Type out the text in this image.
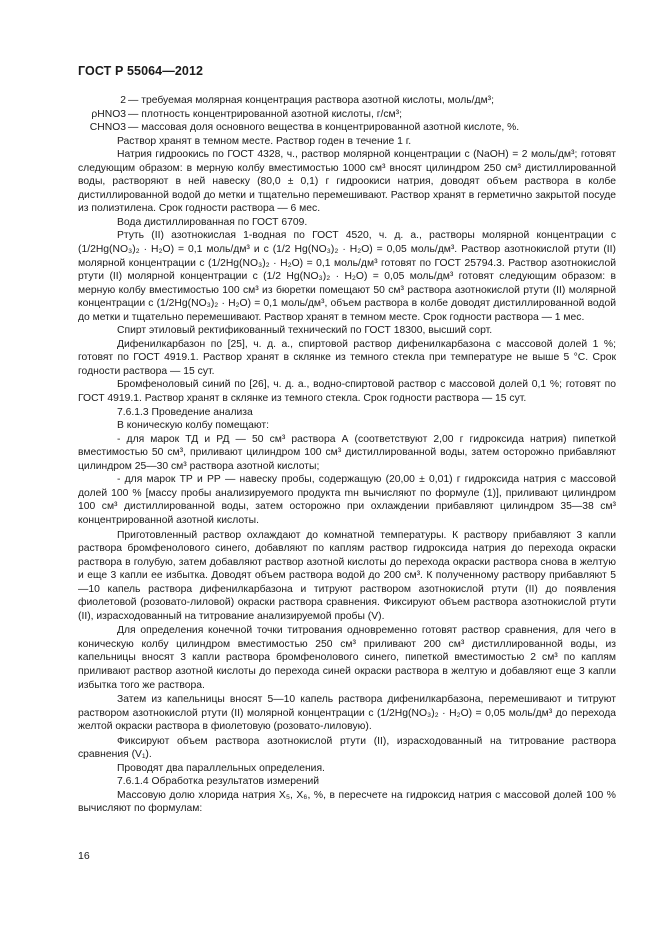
ГОСТ Р 55064—2012
2 — требуемая молярная концентрация раствора азотной кислоты, моль/дм³;
ρHNO3 — плотность концентрированной азотной кислоты, г/см³;
CHNO3 — массовая доля основного вещества в концентрированной азотной кислоте, %.

Раствор хранят в темном месте. Раствор годен в течение 1 г.

Натрия гидроокись по ГОСТ 4328, ч., раствор молярной концентрации c (NaOH) = 2 моль/дм³; готовят следующим образом: в мерную колбу вместимостью 1000 см³ вносят цилиндром 250 см³ дистиллированной воды, растворяют в ней навеску (80,0 ± 0,1) г гидроокиси натрия, доводят объем раствора в колбе дистиллированной водой до метки и тщательно перемешивают. Раствор хранят в герметично закрытой посуде из полиэтилена. Срок годности раствора — 6 мес.

Вода дистиллированная по ГОСТ 6709.

Ртуть (II) азотнокислая 1-водная по ГОСТ 4520, ч. д. а., растворы молярной концентрации c (1/2Hg(NO₃)₂ · H₂O) = 0,1 моль/дм³ и c (1/2 Hg(NO₃)₂ · H₂O) = 0,05 моль/дм³. Раствор азотнокислой ртути (II) молярной концентрации c (1/2Hg(NO₃)₂ · H₂O) = 0,1 моль/дм³ готовят по ГОСТ 25794.3. Раствор азотнокислой ртути (II) молярной концентрации c (1/2 Hg(NO₃)₂ · H₂O) = 0,05 моль/дм³ готовят следующим образом: в мерную колбу вместимостью 100 см³ из бюретки помещают 50 см³ раствора азотнокислой ртути (II) молярной концентрации c (1/2Hg(NO₃)₂ · H₂O) = 0,1 моль/дм³, объем раствора в колбе доводят дистиллированной водой до метки и тщательно перемешивают. Раствор хранят в темном месте. Срок годности раствора — 1 мес.

Спирт этиловый ректификованный технический по ГОСТ 18300, высший сорт.

Дифенилкарбазон по [25], ч. д. а., спиртовой раствор дифенилкарбазона с массовой долей 1 %; готовят по ГОСТ 4919.1. Раствор хранят в склянке из темного стекла при температуре не выше 5 °С. Срок годности раствора — 15 сут.

Бромфеноловый синий по [26], ч. д. а., водно-спиртовой раствор с массовой долей 0,1 %; готовят по ГОСТ 4919.1. Раствор хранят в склянке из темного стекла. Срок годности раствора — 15 сут.

7.6.1.3 Проведение анализа

В коническую колбу помещают:

- для марок ТД и РД — 50 см³ раствора А (соответствуют 2,00 г гидроксида натрия) пипеткой вместимостью 50 см³, приливают цилиндром 100 см³ дистиллированной воды, затем осторожно прибавляют цилиндром 25—30 см³ раствора азотной кислоты;

- для марок ТР и РР — навеску пробы, содержащую (20,00 ± 0,01) г гидроксида натрия с массовой долей 100 % [массу пробы анализируемого продукта mн вычисляют по формуле (1)], приливают цилиндром 100 см³ дистиллированной воды, затем осторожно при охлаждении прибавляют цилиндром 35—38 см³ концентрированной азотной кислоты.

Приготовленный раствор охлаждают до комнатной температуры. К раствору прибавляют 3 капли раствора бромфенолового синего, добавляют по каплям раствор гидроксида натрия до перехода окраски раствора в голубую, затем добавляют раствор азотной кислоты до перехода окраски раствора снова в желтую и еще 3 капли ее избытка. Доводят объем раствора водой до 200 см³. К полученному раствору прибавляют 5—10 капель раствора дифенилкарбазона и титруют раствором азотнокислой ртути (II) до появления фиолетовой (розовато-лиловой) окраски раствора сравнения. Фиксируют объем раствора азотнокислой ртути (II), израсходованный на титрование анализируемой пробы (V).

Для определения конечной точки титрования одновременно готовят раствор сравнения, для чего в коническую колбу цилиндром вместимостью 250 см³ приливают 200 см³ дистиллированной воды, из капельницы вносят 3 капли раствора бромфенолового синего, пипеткой вместимостью 2 см³ по каплям приливают раствор азотной кислоты до перехода синей окраски раствора в желтую и добавляют еще 3 капли избытка того же раствора.

Затем из капельницы вносят 5—10 капель раствора дифенилкарбазона, перемешивают и титруют раствором азотнокислой ртути (II) молярной концентрации c (1/2Hg(NO₃)₂ · H₂O) = 0,05 моль/дм³ до перехода желтой окраски раствора в фиолетовую (розовато-лиловую).

Фиксируют объем раствора азотнокислой ртути (II), израсходованный на титрование раствора сравнения (V₁).

Проводят два параллельных определения.

7.6.1.4 Обработка результатов измерений

Массовую долю хлорида натрия X₅, X₆, %, в пересчете на гидроксид натрия с массовой долей 100 % вычисляют по формулам:

16
